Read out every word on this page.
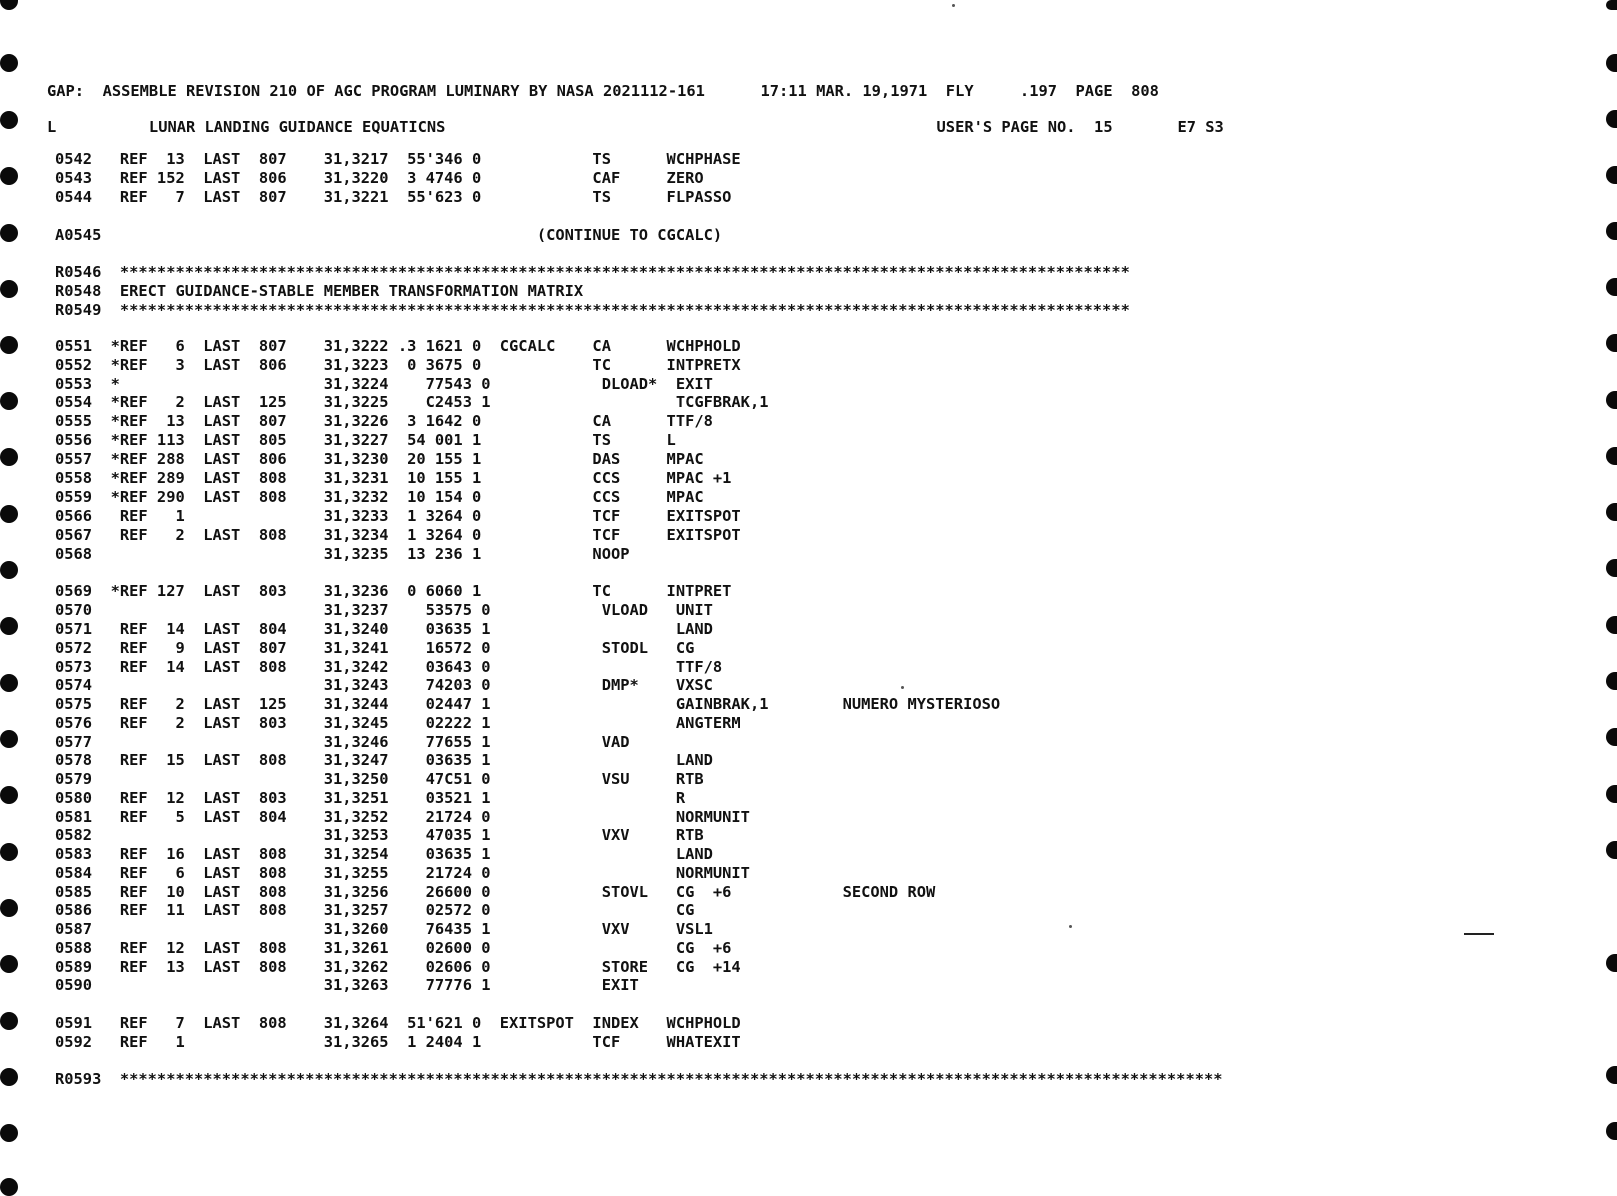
GAP:  ASSEMBLE REVISION 210 OF AGC PROGRAM LUMINARY BY NASA 2021112-161      17:11 MAR. 19,1971  FLY     .197  PAGE  808
L          LUNAR LANDING GUIDANCE EQUATICNS                                                     USER'S PAGE NO.  15       E7 S3
0542   REF  13  LAST  807    31,3217  55'346 0            TS      WCHPHASE
0543   REF 152  LAST  806    31,3220  3 4746 0            CAF     ZERO
0544   REF   7  LAST  807    31,3221  55'623 0            TS      FLPASSO
A0545                                               (CONTINUE TO CGCALC)
R0546  *************************************************************************************************************
R0548  ERECT GUIDANCE-STABLE MEMBER TRANSFORMATION MATRIX
R0549  *************************************************************************************************************
0551  *REF   6  LAST  807    31,3222 .3 1621 0  CGCALC    CA      WCHPHOLD
0552  *REF   3  LAST  806    31,3223  0 3675 0            TC      INTPRETX
0553  *                      31,3224    77543 0            DLOAD*  EXIT
0554  *REF   2  LAST  125    31,3225    C2453 1                    TCGFBRAK,1
0555  *REF  13  LAST  807    31,3226  3 1642 0            CA      TTF/8
0556  *REF 113  LAST  805    31,3227  54 001 1            TS      L
0557  *REF 288  LAST  806    31,3230  20 155 1            DAS     MPAC
0558  *REF 289  LAST  808    31,3231  10 155 1            CCS     MPAC +1
0559  *REF 290  LAST  808    31,3232  10 154 0            CCS     MPAC
0566   REF   1               31,3233  1 3264 0            TCF     EXITSPOT
0567   REF   2  LAST  808    31,3234  1 3264 0            TCF     EXITSPOT
0568                         31,3235  13 236 1            NOOP
0569  *REF 127  LAST  803    31,3236  0 6060 1            TC      INTPRET
0570                         31,3237    53575 0            VLOAD   UNIT
0571   REF  14  LAST  804    31,3240    03635 1                    LAND
0572   REF   9  LAST  807    31,3241    16572 0            STODL   CG
0573   REF  14  LAST  808    31,3242    03643 0                    TTF/8
0574                         31,3243    74203 0            DMP*    VXSC
0575   REF   2  LAST  125    31,3244    02447 1                    GAINBRAK,1        NUMERO MYSTERIOSO
0576   REF   2  LAST  803    31,3245    02222 1                    ANGTERM
0577                         31,3246    77655 1            VAD
0578   REF  15  LAST  808    31,3247    03635 1                    LAND
0579                         31,3250    47C51 0            VSU     RTB
0580   REF  12  LAST  803    31,3251    03521 1                    R
0581   REF   5  LAST  804    31,3252    21724 0                    NORMUNIT
0582                         31,3253    47035 1            VXV     RTB
0583   REF  16  LAST  808    31,3254    03635 1                    LAND
0584   REF   6  LAST  808    31,3255    21724 0                    NORMUNIT
0585   REF  10  LAST  808    31,3256    26600 0            STOVL   CG  +6            SECOND ROW
0586   REF  11  LAST  808    31,3257    02572 0                    CG
0587                         31,3260    76435 1            VXV     VSL1
0588   REF  12  LAST  808    31,3261    02600 0                    CG  +6
0589   REF  13  LAST  808    31,3262    02606 0            STORE   CG  +14
0590                         31,3263    77776 1            EXIT
0591   REF   7  LAST  808    31,3264  51'621 0  EXITSPOT  INDEX   WCHPHOLD
0592   REF   1               31,3265  1 2404 1            TCF     WHATEXIT
R0593  ***********************************************************************************************************************
